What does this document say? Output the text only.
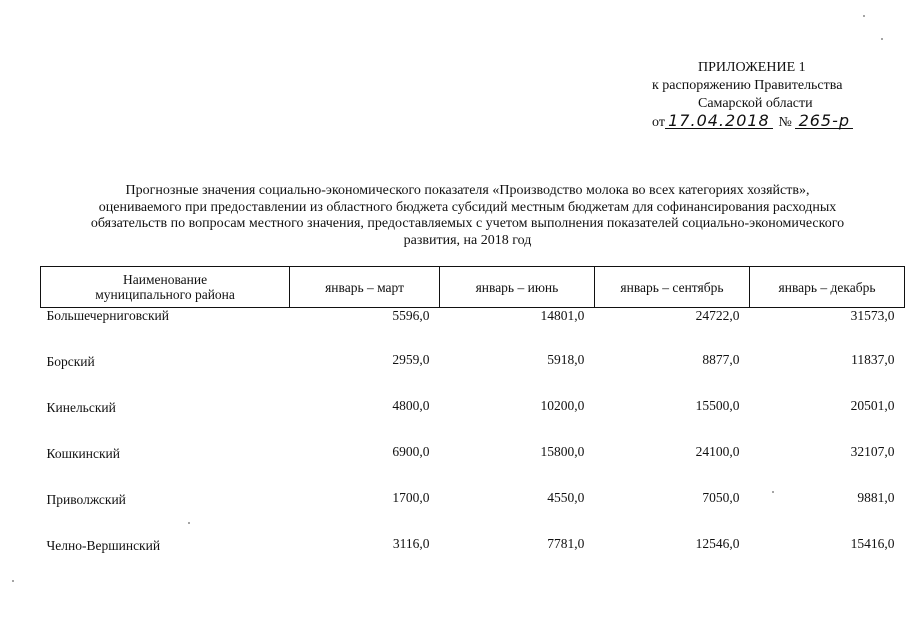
ПРИЛОЖЕНИЕ 1
к распоряжению Правительства
Самарской области
от 17.04.2018 № 265-р
Прогнозные значения социально-экономического показателя «Производство молока во всех категориях хозяйств»,
оцениваемого при предоставлении из областного бюджета субсидий местным бюджетам для софинансирования расходных
обязательств по вопросам местного значения, предоставляемых с учетом выполнения показателей социально-экономического
развития, на 2018 год
Наименование
муниципального района	январь – март	январь – июнь	январь – сентябрь	январь – декабрь
Большечерниговский	5596,0	14801,0	24722,0	31573,0
Борский	2959,0	5918,0	8877,0	11837,0
Кинельский	4800,0	10200,0	15500,0	20501,0
Кошкинский	6900,0	15800,0	24100,0	32107,0
Приволжский	1700,0	4550,0	7050,0	9881,0
Челно-Вершинский	3116,0	7781,0	12546,0	15416,0
